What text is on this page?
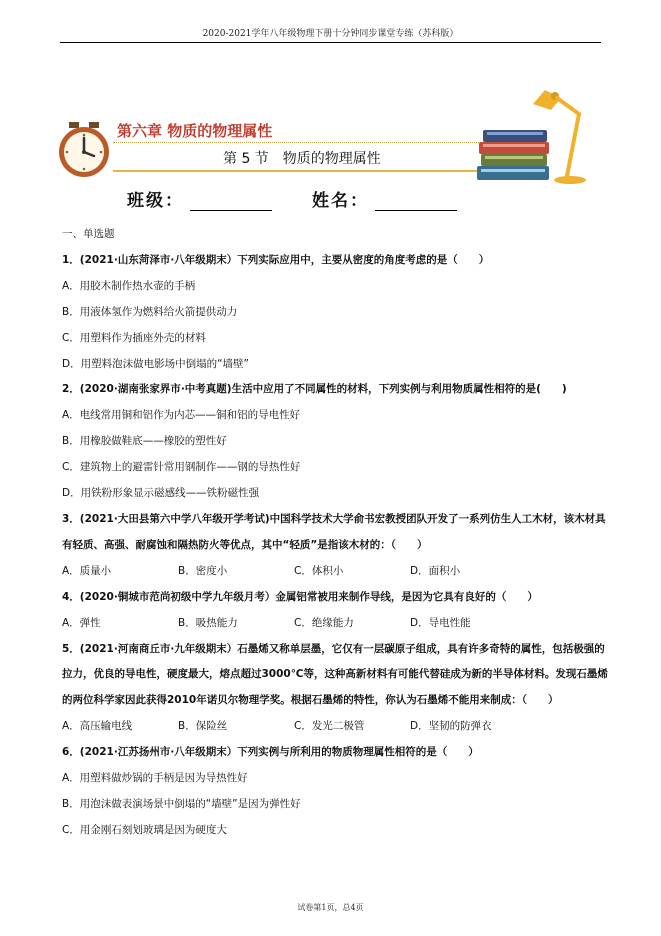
2020-2021学年八年级物理下册十分钟同步课堂专练（苏科版）
第六章 物质的物理属性
第 5 节　物质的物理属性
班级：	姓名：
一、单选题
1．(2021·山东菏泽市·八年级期末）下列实际应用中，主要从密度的角度考虑的是（　　）
A．用胶木制作热水壶的手柄
B．用液体氢作为燃料给火箭提供动力
C．用塑料作为插座外壳的材料
D．用塑料泡沫做电影场中倒塌的“墙壁”
2．(2020·湖南张家界市·中考真题)生活中应用了不同属性的材料，下列实例与利用物质属性相符的是(　　)
A．电线常用铜和铝作为内芯——铜和铝的导电性好
B．用橡胶做鞋底——橡胶的塑性好
C．建筑物上的避雷针常用钢制作——钢的导热性好
D．用铁粉形象显示磁感线——铁粉磁性强
3．(2021·大田县第六中学八年级开学考试)中国科学技术大学俞书宏教授团队开发了一系列仿生人工木材，该木材具有轻质、高强、耐腐蚀和隔热防火等优点，其中“轻质”是指该木材的：（　　）
A．质量小	B．密度小	C．体积小	D．面积小
4．(2020·铜城市范尚初级中学九年级月考）金属铝常被用来制作导线，是因为它具有良好的（　　）
A．弹性	B．吸热能力	C．绝缘能力	D．导电性能
5．(2021·河南商丘市·九年级期末）石墨烯又称单层墨，它仅有一层碳原子组成，具有许多奇特的属性，包括极强的拉力，优良的导电性，硬度最大，熔点超过3000℃等，这种高新材料有可能代替硅成为新的半导体材料。发现石墨烯的两位科学家因此获得2010年诺贝尔物理学奖。根据石墨烯的特性，你认为石墨烯不能用来制成：（　　）
A．高压输电线	B．保险丝	C．发光二极管	D．坚韧的防弹衣
6．(2021·江苏扬州市·八年级期末）下列实例与所利用的物质物理属性相符的是（　　）
A．用塑料做炒锅的手柄是因为导热性好
B．用泡沫做表演场景中倒塌的“墙壁”是因为弹性好
C．用金刚石刻划玻璃是因为硬度大
试卷第1页，总4页
